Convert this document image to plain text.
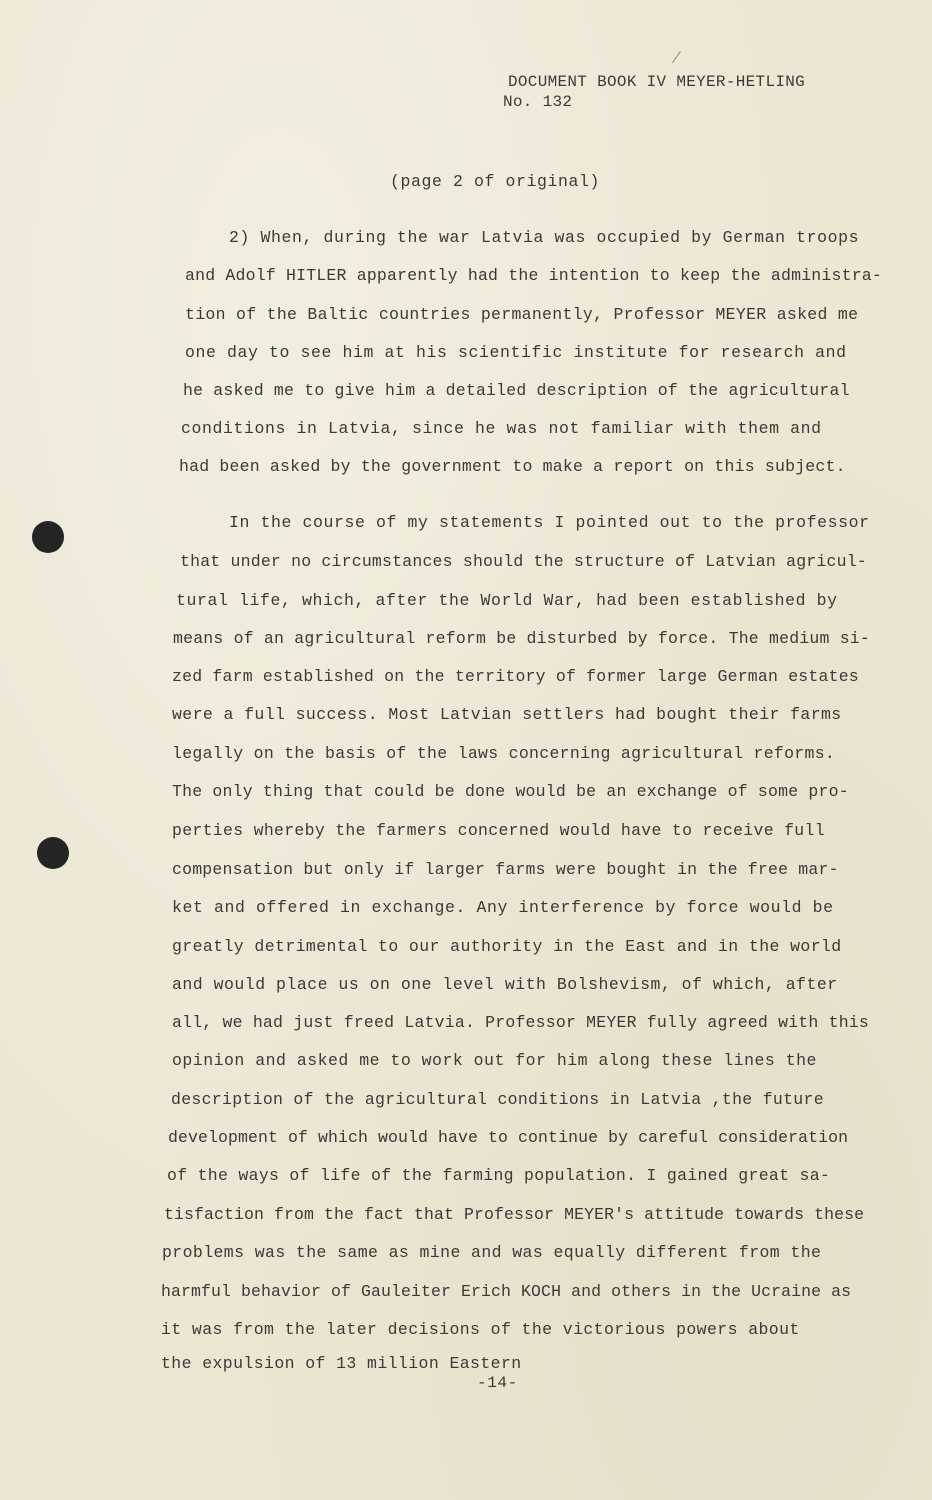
DOCUMENT BOOK IV MEYER-HETLING
No. 132
(page 2 of original)
2) When, during the war Latvia was occupied by German troops
and Adolf HITLER apparently had the intention to keep the administra-
tion of the Baltic countries permanently, Professor MEYER asked me
one day to see him at his scientific institute for research and
he asked me to give him a detailed description of the agricultural
conditions in Latvia, since he was not familiar with them and
had been asked by the government to make a report on this subject.
In the course of my statements I pointed out to the professor
that under no circumstances should the structure of Latvian agricul-
tural life, which, after the World War, had been established by
means of an agricultural reform be disturbed by force. The medium si-
zed farm established on the territory of former large German estates
were a full success. Most Latvian settlers had bought their farms
legally on the basis of the laws concerning agricultural reforms.
The only thing that could be done would be an exchange of some pro-
perties whereby the farmers concerned would have to receive full
compensation but only if larger farms were bought in the free mar-
ket and offered in exchange. Any interference by force would be
greatly detrimental to our authority in the East and in the world
and would place us on one level with Bolshevism, of which, after
all, we had just freed Latvia. Professor MEYER fully agreed with this
opinion and asked me to work out for him along these lines the
description of the agricultural conditions in Latvia ,the future
development of which would have to continue by careful consideration
of the ways of life of the farming population. I gained great sa-
tisfaction from the fact that Professor MEYER's attitude towards these
problems was the same as mine and was equally different from the
harmful behavior of Gauleiter Erich KOCH and others in the Ucraine as
it was from the later decisions of the victorious powers about
the expulsion of 13 million Eastern
-14-
